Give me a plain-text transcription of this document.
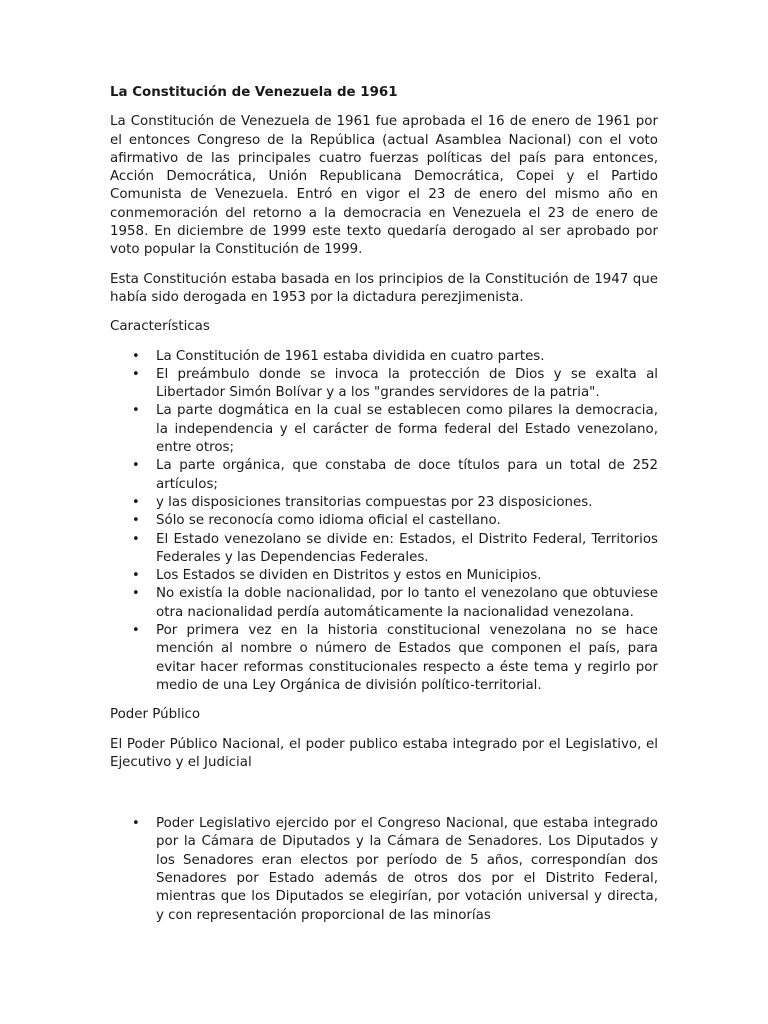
La Constitución de Venezuela de 1961

La Constitución de Venezuela de 1961 fue aprobada el 16 de enero de 1961 por el entonces Congreso de la República (actual Asamblea Nacional) con el voto afirmativo de las principales cuatro fuerzas políticas del país para entonces, Acción Democrática, Unión Republicana Democrática, Copei y el Partido Comunista de Venezuela. Entró en vigor el 23 de enero del mismo año en conmemoración del retorno a la democracia en Venezuela el 23 de enero de 1958. En diciembre de 1999 este texto quedaría derogado al ser aprobado por voto popular la Constitución de 1999.

Esta Constitución estaba basada en los principios de la Constitución de 1947 que había sido derogada en 1953 por la dictadura perezjimenista.

Características

• La Constitución de 1961 estaba dividida en cuatro partes.
• El preámbulo donde se invoca la protección de Dios y se exalta al Libertador Simón Bolívar y a los "grandes servidores de la patria".
• La parte dogmática en la cual se establecen como pilares la democracia, la independencia y el carácter de forma federal del Estado venezolano, entre otros;
• La parte orgánica, que constaba de doce títulos para un total de 252 artículos;
• y las disposiciones transitorias compuestas por 23 disposiciones.
• Sólo se reconocía como idioma oficial el castellano.
• El Estado venezolano se divide en: Estados, el Distrito Federal, Territorios Federales y las Dependencias Federales.
• Los Estados se dividen en Distritos y estos en Municipios.
• No existía la doble nacionalidad, por lo tanto el venezolano que obtuviese otra nacionalidad perdía automáticamente la nacionalidad venezolana.
• Por primera vez en la historia constitucional venezolana no se hace mención al nombre o número de Estados que componen el país, para evitar hacer reformas constitucionales respecto a éste tema y regirlo por medio de una Ley Orgánica de división político-territorial.

Poder Público

El Poder Público Nacional, el poder publico estaba integrado por el Legislativo, el Ejecutivo y el Judicial

• Poder Legislativo ejercido por el Congreso Nacional, que estaba integrado por la Cámara de Diputados y la Cámara de Senadores. Los Diputados y los Senadores eran electos por período de 5 años, correspondían dos Senadores por Estado además de otros dos por el Distrito Federal, mientras que los Diputados se elegirían, por votación universal y directa, y con representación proporcional de las minorías
